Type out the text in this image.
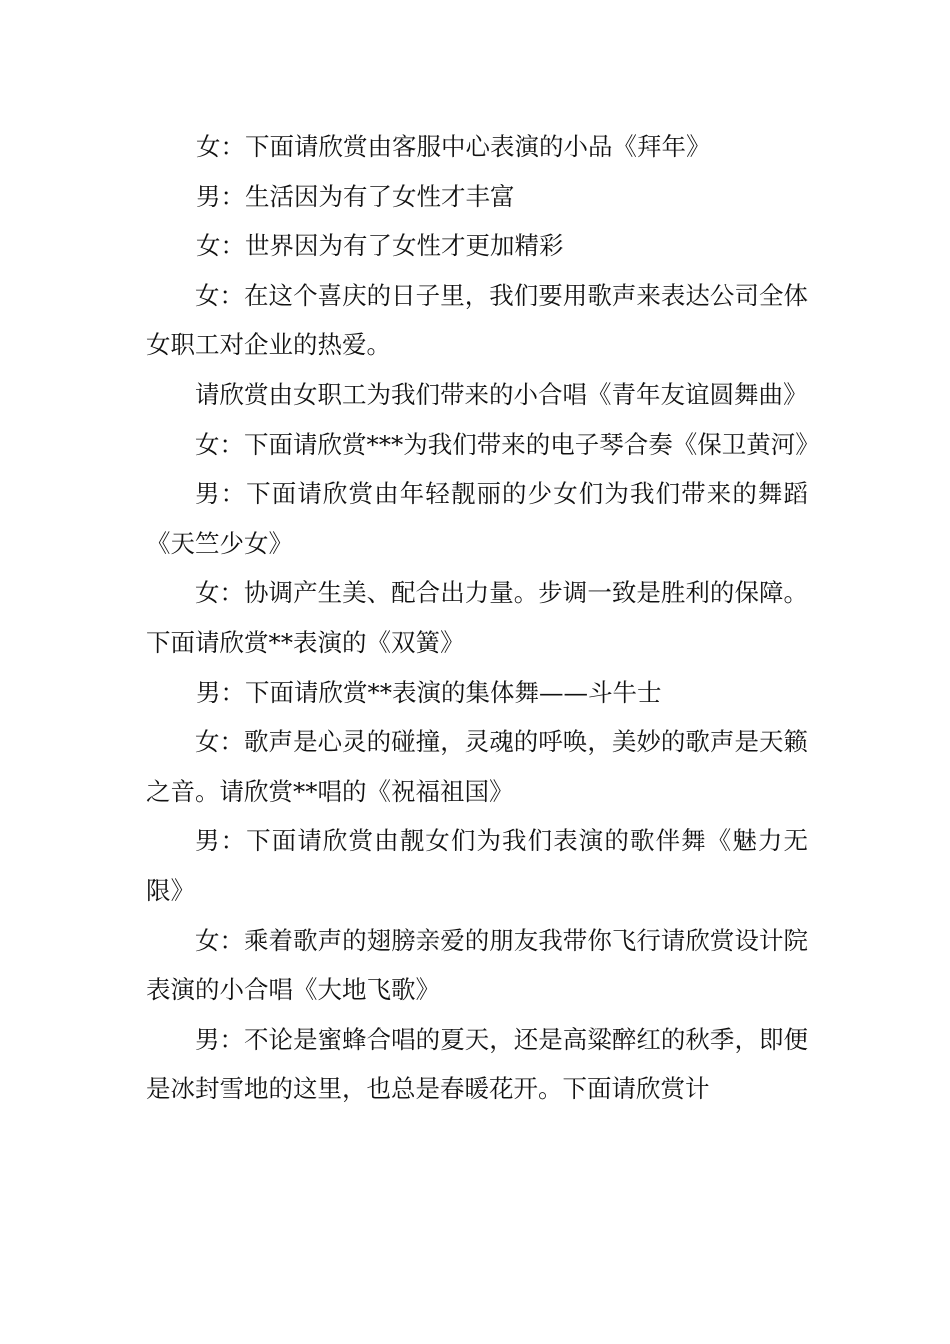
女：下面请欣赏由客服中心表演的小品《拜年》

男：生活因为有了女性才丰富

女：世界因为有了女性才更加精彩

女：在这个喜庆的日子里，我们要用歌声来表达公司全体女职工对企业的热爱。

请欣赏由女职工为我们带来的小合唱《青年友谊圆舞曲》

女：下面请欣赏***为我们带来的电子琴合奏《保卫黄河》

男：下面请欣赏由年轻靓丽的少女们为我们带来的舞蹈《天竺少女》

女：协调产生美、配合出力量。步调一致是胜利的保障。下面请欣赏**表演的《双簧》

男：下面请欣赏**表演的集体舞——斗牛士

女：歌声是心灵的碰撞，灵魂的呼唤，美妙的歌声是天籁之音。请欣赏**唱的《祝福祖国》

男：下面请欣赏由靓女们为我们表演的歌伴舞《魅力无限》

女：乘着歌声的翅膀亲爱的朋友我带你飞行请欣赏设计院表演的小合唱《大地飞歌》

男：不论是蜜蜂合唱的夏天，还是高粱醉红的秋季，即便是冰封雪地的这里，也总是春暖花开。下面请欣赏计
